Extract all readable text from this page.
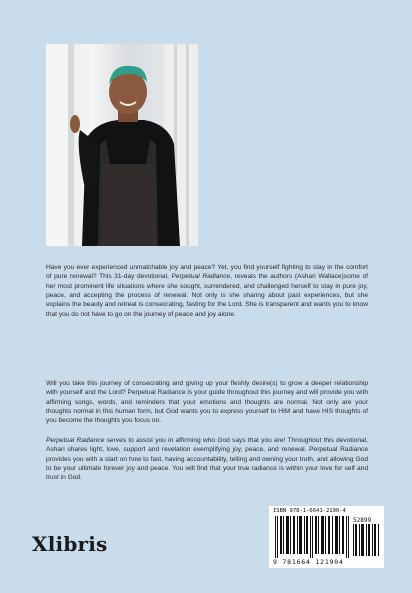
Have you ever experienced unmatchable joy and peace? Yet, you find yourself fighting to stay in the comfort of pure renewal? This 31-day devotional, Perpetual Radiance, reveals the authors (Ashari Wallace)some of her most prominent life situations where she sought, surrendered, and challenged herself to stay in pure joy, peace, and accepting the process of renewal. Not only is she sharing about past experiences, but she explains the beauty and retreat is consecrating, fasting for the Lord. She is transparent and wants you to know that you do not have to go on the journey of peace and joy alone.
Will you take this journey of consecrating and giving up your fleshly desire(s) to grow a deeper relationship with yourself and the Lord? Perpetual Radiance is your guide throughout this journey and will provide you with affirming songs, words, and reminders that your emotions and thoughts are normal. Not only are your thoughts normal in this human form, but God wants you to express yourself to HIM and have HIS thoughts of you become the thoughts you focus on.
Perpetual Radiance serves to assist you in affirming who God says that you are! Throughout this devotional, Ashari shares light, love, support and revelation exemplifying joy, peace, and renewal. Perpetual Radiance provides you with a start on how to fast, having accountability, telling and owning your truth, and allowing God to be your ultimate forever joy and peace. You will find that your true radiance is within your love for self and trust in God.
Xlibris
ISBN 978-1-6641-2190-4
52899
9 781664 121904
